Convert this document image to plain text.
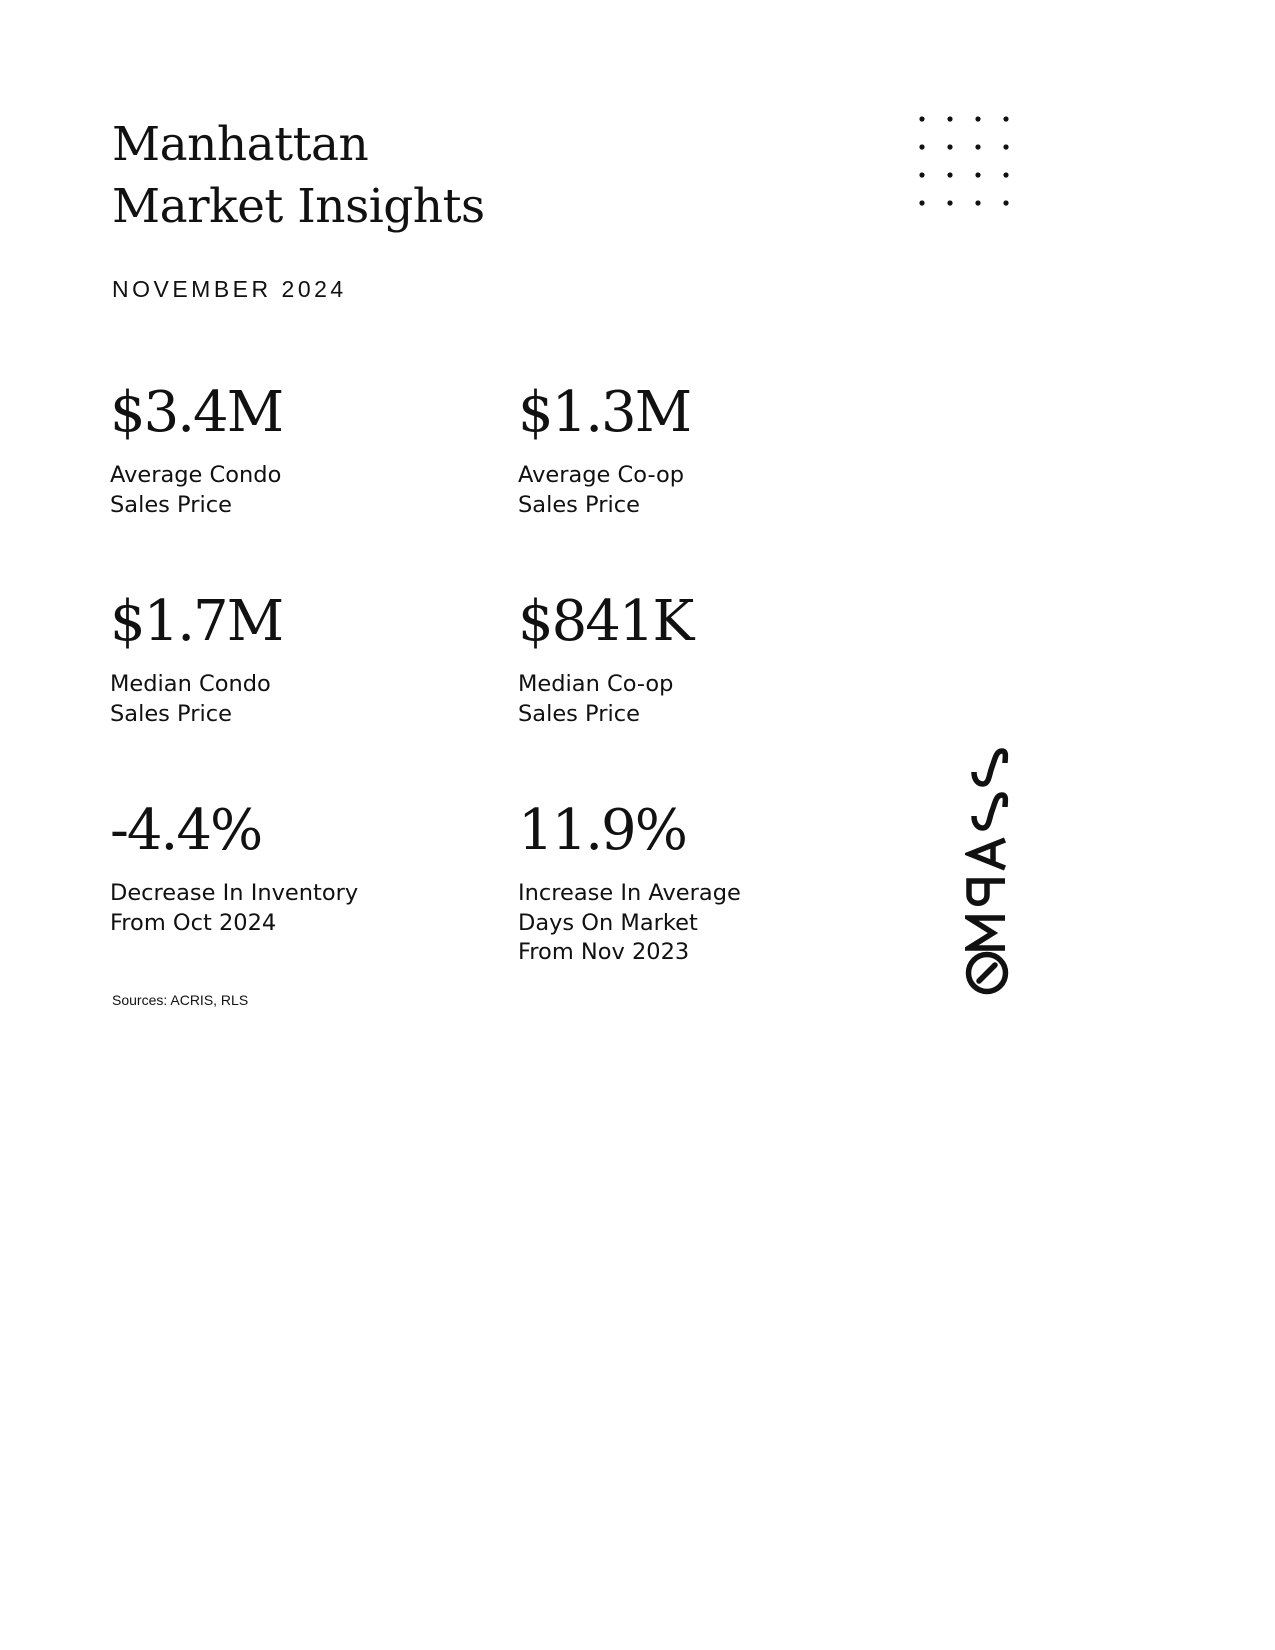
Manhattan
Market Insights
NOVEMBER 2024
$3.4M
Average Condo
Sales Price
$1.3M
Average Co-op
Sales Price
$1.7M
Median Condo
Sales Price
$841K
Median Co-op
Sales Price
-4.4%
Decrease In Inventory
From Oct 2024
11.9%
Increase In Average
Days On Market
From Nov 2023
Sources: ACRIS, RLS
